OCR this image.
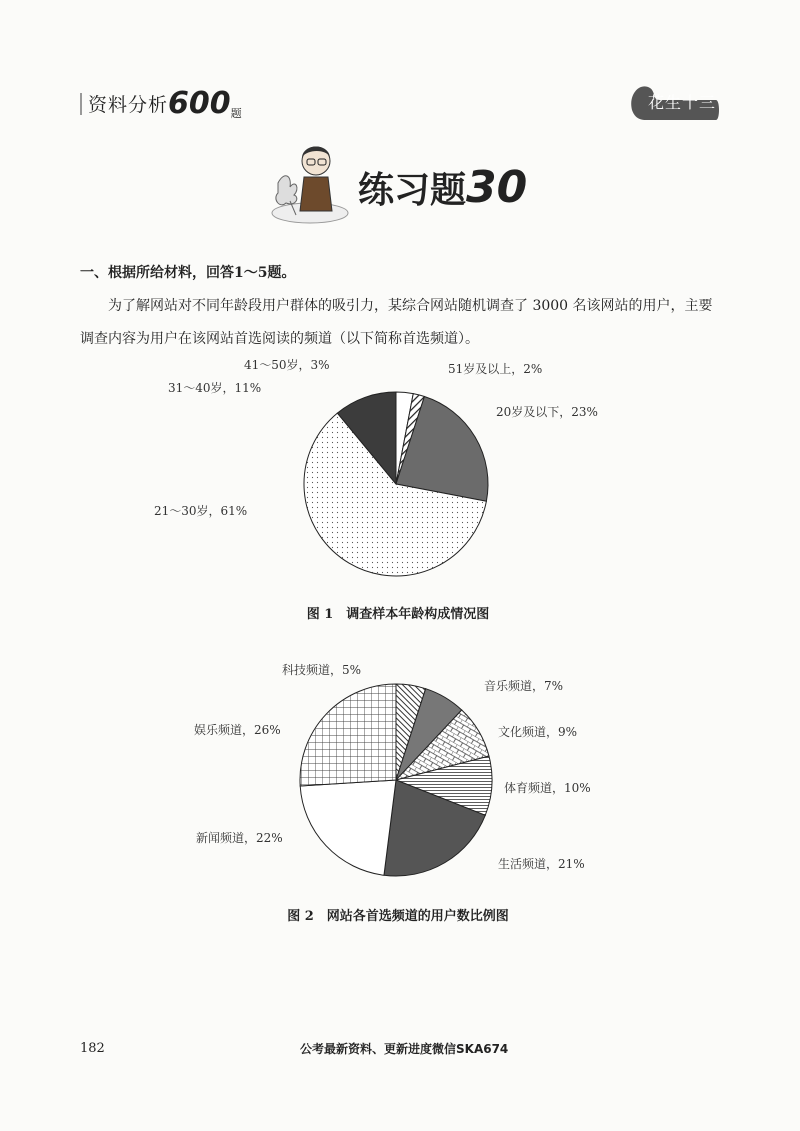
资料分析600题
花生十三
练习题30
一、根据所给材料，回答1～5题。
为了解网站对不同年龄段用户群体的吸引力，某综合网站随机调查了 3000 名该网站的用户，主要调查内容为用户在该网站首选阅读的频道（以下简称首选频道）。
41～50岁，3%	51岁及以上，2%
20岁及以下，23%
21～30岁，61%
31～40岁，11%
图 1　调查样本年龄构成情况图
科技频道，5%
音乐频道，7%
文化频道，9%
体育频道，10%
生活频道，21%
新闻频道，22%
娱乐频道，26%
图 2　网站各首选频道的用户数比例图
182	公考最新资料、更新进度微信SKA674
